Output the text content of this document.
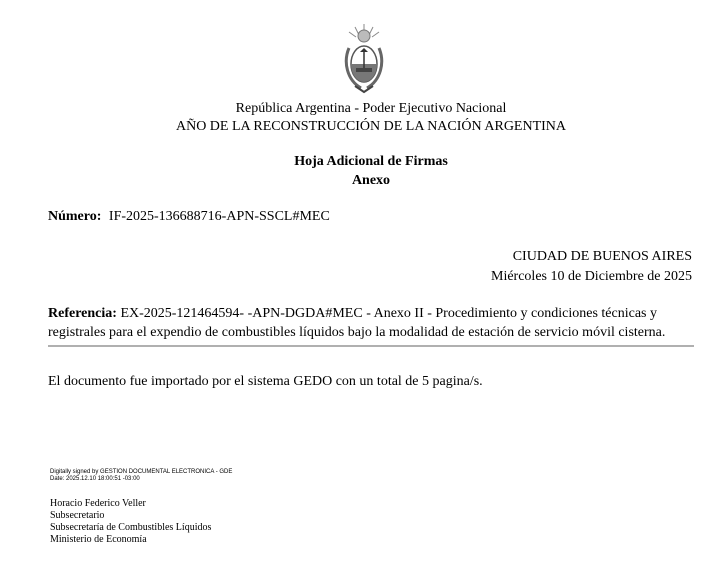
República Argentina - Poder Ejecutivo Nacional
AÑO DE LA RECONSTRUCCIÓN DE LA NACIÓN ARGENTINA
Hoja Adicional de Firmas
Anexo
Número: IF-2025-136688716-APN-SSCL#MEC
CIUDAD DE BUENOS AIRES
Miércoles 10 de Diciembre de 2025
Referencia: EX-2025-121464594- -APN-DGDA#MEC - Anexo II - Procedimiento y condiciones técnicas y registrales para el expendio de combustibles líquidos bajo la modalidad de estación de servicio móvil cisterna.
El documento fue importado por el sistema GEDO con un total de 5 pagina/s.
Digitally signed by GESTION DOCUMENTAL ELECTRONICA - GDE
Date: 2025.12.10 18:00:51 -03:00
Horacio Federico Veller
Subsecretario
Subsecretaría de Combustibles Líquidos
Ministerio de Economía
